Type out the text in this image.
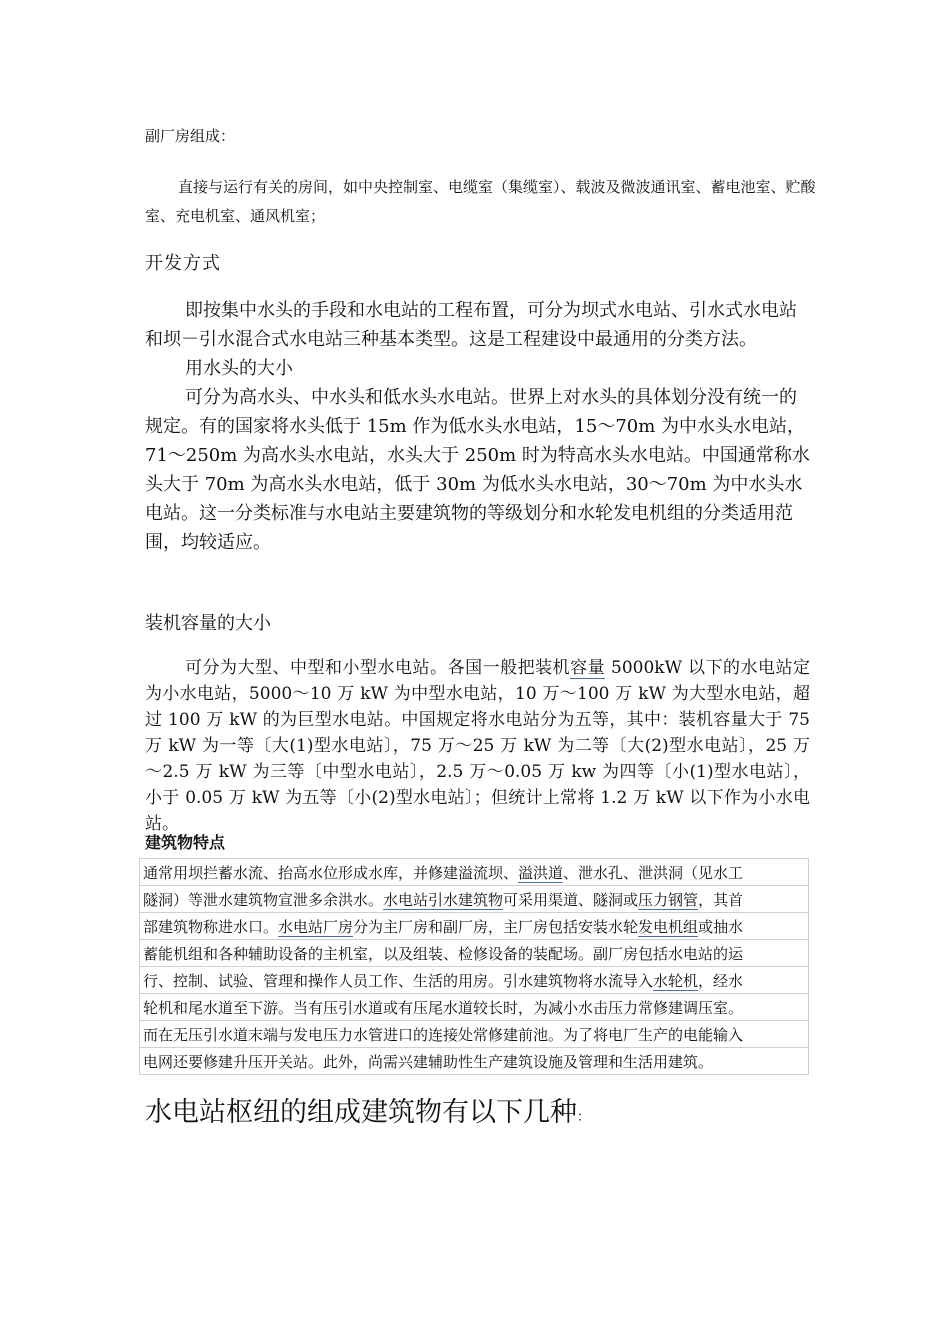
副厂房组成：

直接与运行有关的房间，如中央控制室、电缆室（集缆室）、载波及微波通讯室、蓄电池室、贮酸室、充电机室、通风机室；

开发方式

即按集中水头的手段和水电站的工程布置，可分为坝式水电站、引水式水电站和坝－引水混合式水电站三种基本类型。这是工程建设中最通用的分类方法。

用水头的大小

可分为高水头、中水头和低水头水电站。世界上对水头的具体划分没有统一的规定。有的国家将水头低于 15m 作为低水头水电站，15～70m 为中水头水电站，71～250m 为高水头水电站，水头大于 250m 时为特高水头水电站。中国通常称水头大于 70m 为高水头水电站，低于 30m 为低水头水电站，30～70m 为中水头水电站。这一分类标准与水电站主要建筑物的等级划分和水轮发电机组的分类适用范围，均较适应。

装机容量的大小

可分为大型、中型和小型水电站。各国一般把装机容量 5000kW 以下的水电站定为小水电站，5000～10 万 kW 为中型水电站，10 万～100 万 kW 为大型水电站，超过 100 万 kW 的为巨型水电站。中国规定将水电站分为五等，其中：装机容量大于 75 万 kW 为一等〔大(1)型水电站〕，75 万～25 万 kW 为二等〔大(2)型水电站〕，25 万～2.5 万 kW 为三等〔中型水电站〕，2.5 万～0.05 万 kw 为四等〔小(1)型水电站〕，小于 0.05 万 kW 为五等〔小(2)型水电站〕；但统计上常将 1.2 万 kW 以下作为小水电站。

建筑物特点
通常用坝拦蓄水流、抬高水位形成水库，并修建溢流坝、溢洪道、泄水孔、泄洪洞（见水工
隧洞）等泄水建筑物宣泄多余洪水。水电站引水建筑物可采用渠道、隧洞或压力钢管，其首
部建筑物称进水口。水电站厂房分为主厂房和副厂房，主厂房包括安装水轮发电机组或抽水
蓄能机组和各种辅助设备的主机室，以及组装、检修设备的装配场。副厂房包括水电站的运
行、控制、试验、管理和操作人员工作、生活的用房。引水建筑物将水流导入水轮机，经水
轮机和尾水道至下游。当有压引水道或有压尾水道较长时，为减小水击压力常修建调压室。
而在无压引水道末端与发电压力水管进口的连接处常修建前池。为了将电厂生产的电能输入
电网还要修建升压开关站。此外，尚需兴建辅助性生产建筑设施及管理和生活用建筑。
水电站枢纽的组成建筑物有以下几种：
